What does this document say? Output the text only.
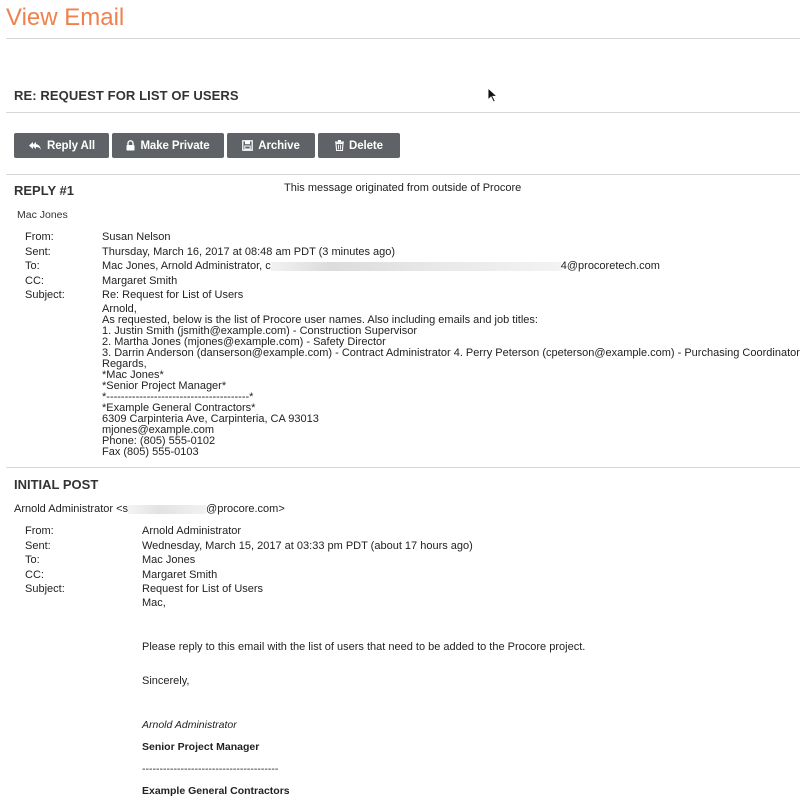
View Email
RE: REQUEST FOR LIST OF USERS
Reply All	Make Private	Archive	Delete
REPLY #1	This message originated from outside of Procore
Mac Jones
From:	Susan Nelson
Sent:	Thursday, March 16, 2017 at 08:48 am PDT (3 minutes ago)
To:	Mac Jones, Arnold Administrator, c	4@procoretech.com
CC:	Margaret Smith
Subject:	Re: Request for List of Users
Arnold,
As requested, below is the list of Procore user names. Also including emails and job titles:
1. Justin Smith (jsmith@example.com) - Construction Supervisor
2. Martha Jones (mjones@example.com) - Safety Director
3. Darrin Anderson (danserson@example.com) - Contract Administrator 4. Perry Peterson (cpeterson@example.com) - Purchasing Coordinator
Regards,
*Mac Jones*
*Senior Project Manager*
*---------------------------------------*
*Example General Contractors*
6309 Carpinteria Ave, Carpinteria, CA 93013
mjones@example.com
Phone: (805) 555-0102
Fax (805) 555-0103
INITIAL POST
Arnold Administrator <s	@procore.com>
From:	Arnold Administrator
Sent:	Wednesday, March 15, 2017 at 03:33 pm PDT (about 17 hours ago)
To:	Mac Jones
CC:	Margaret Smith
Subject:	Request for List of Users
Mac,
Please reply to this email with the list of users that need to be added to the Procore project.
Sincerely,
Arnold Administrator
Senior Project Manager
---------------------------------------
Example General Contractors
